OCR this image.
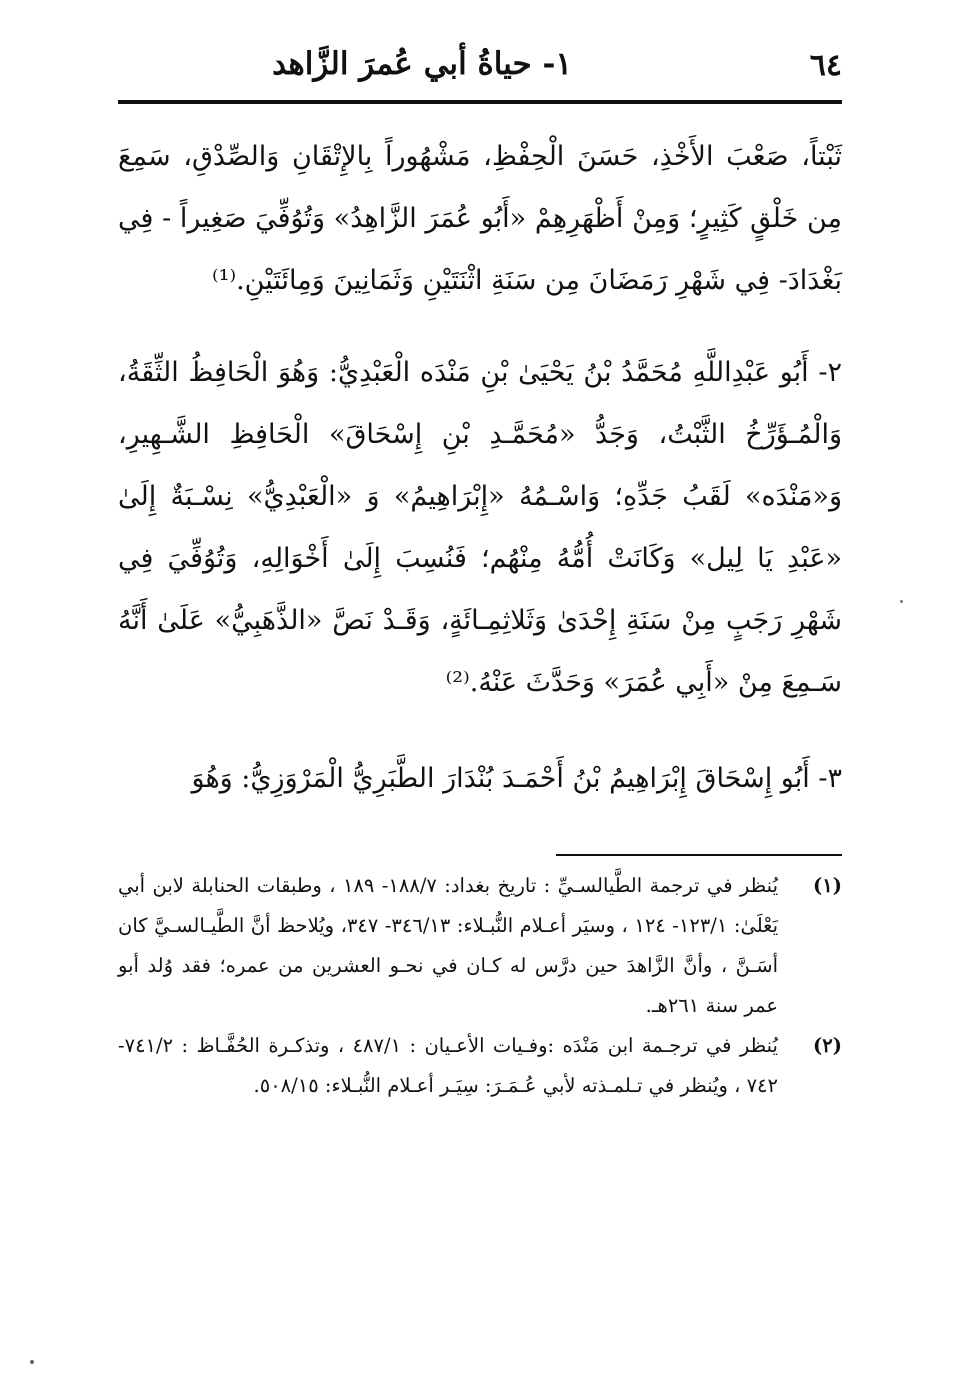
٦٤
١- حياةُ أبي عُمرَ الزَّاهد

ثَبْتاً، صَعْبَ الأَخْذِ، حَسَنَ الْحِفْظِ، مَشْهُوراً بِالإِتْقَانِ وَالصِّدْقِ، سَمِعَ مِن خَلْقٍ كَثِيرٍ؛ وَمِنْ أَظْهَرِهِمْ «أَبُو عُمَرَ الزَّاهِدُ» وَتُوُفِّيَ صَغِيراً - فِي بَغْدَادَ- فِي شَهْرِ رَمَضَانَ مِن سَنَةِ اثْنَتَيْنِ وَثَمَانِينَ وَمِائَتَيْنِ.⁽¹⁾

٢- أَبُو عَبْدِاللَّهِ مُحَمَّدُ بْنُ يَحْيَىٰ بْنِ مَنْدَه الْعَبْدِيُّ: وَهُوَ الْحَافِظُ الثِّقَةُ، وَالْمُـؤَرِّخُ الثَّبْتُ، وَجَدُّ «مُحَمَّـدِ بْنِ إِسْحَاقَ» الْحَافِظِ الشَّـهِيرِ، وَ«مَنْدَه» لَقَبُ جَدِّهِ؛ وَاسْـمُهُ «إِبْرَاهِيمُ» وَ «الْعَبْدِيُّ» نِسْـبَةٌ إِلَىٰ «عَبْدِ يَا لِيل» وَكَانَتْ أُمُّهُ مِنْهُم؛ فَنُسِبَ إِلَىٰ أَخْوَالِهِ، وَتُوُفِّيَ فِي شَهْرِ رَجَبٍ مِنْ سَنَةِ إِحْدَىٰ وَثَلاثِمِـائَةٍ، وَقَـدْ نَصَّ «الذَّهَبِيُّ» عَلَىٰ أَنَّهُ سَـمِعَ مِنْ «أَبِي عُمَرَ» وَحَدَّثَ عَنْهُ.⁽²⁾

٣- أَبُو إِسْحَاقَ إِبْرَاهِيمُ بْنُ أَحْمَـدَ بُنْدَارَ الطَّبَرِيُّ الْمَرْوَزِيُّ: وَهُوَ

(١)
يُنظر في ترجمة الطَّيالسـيِّ : تاريخ بغداد: ١٨٨/٧- ١٨٩ ، وطبقات الحنابلة لابن أبي يَعْلَىٰ: ١٢٣/١- ١٢٤ ، وسيَر أعـلام النُّبـلاء: ٣٤٦/١٣- ٣٤٧، ويُلاحظ أنَّ الطَّيـالسـيَّ كان أسَـنَّ ، وأنَّ الزَّاهدَ حين درَّس له كـان في نحـو العشرين من عمره؛ فقد وُلد أبو عمر سنة ٢٦١هـ.
(٢)
يُنظر في ترجـمة ابن مَنْدَه :وفـيات الأعـيان : ٤٨٧/١ ، وتذكـرة الحُفَّـاظ : ٧٤١/٢- ٧٤٢ ، ويُنظر في تـلمـذته لأبي عُـمَـرَ: سِيَـر أعـلام النُّبـلاء: ٥٠٨/١٥.
